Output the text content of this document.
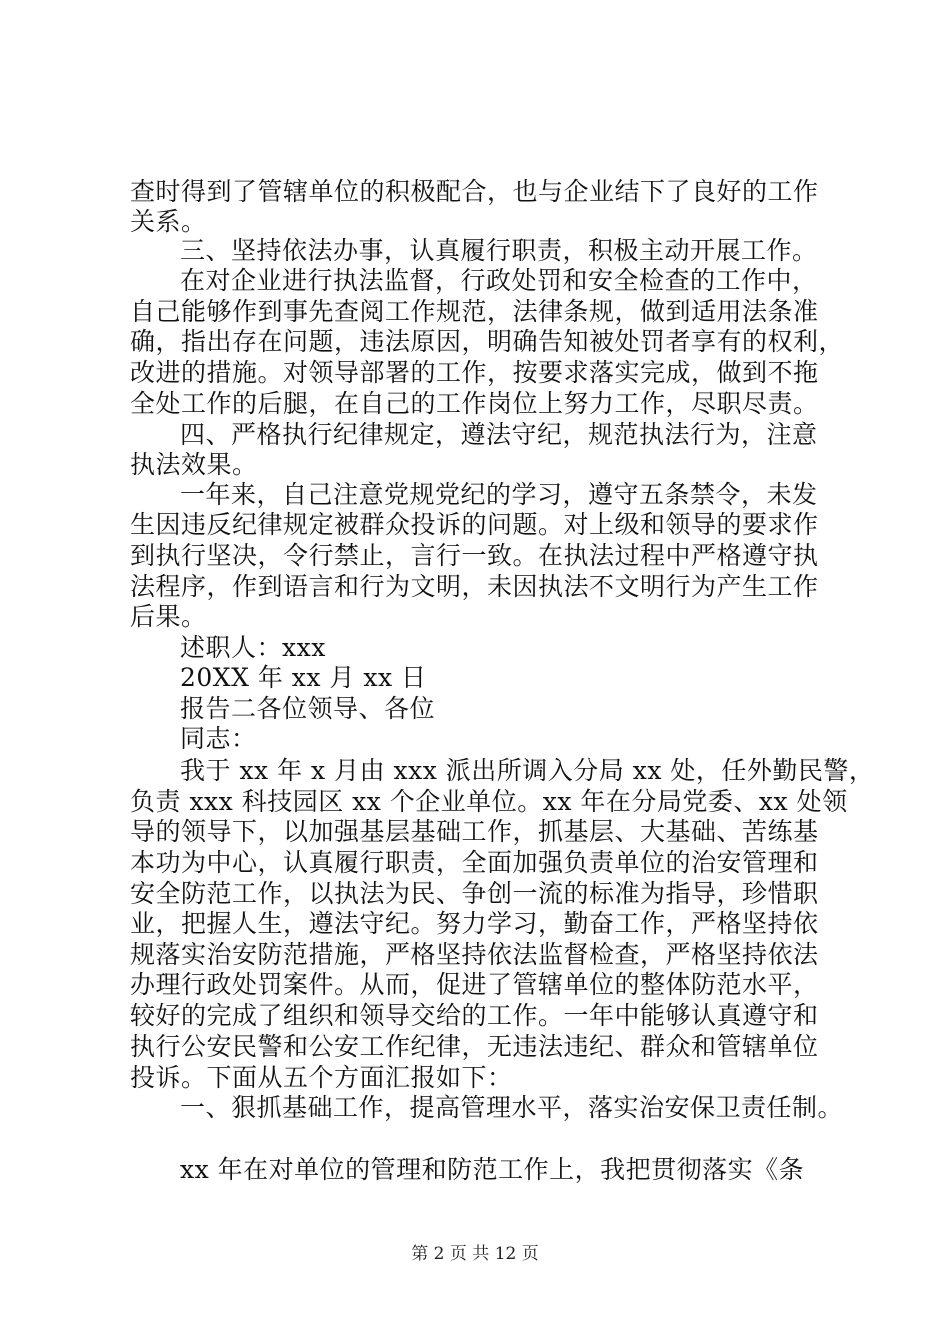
查时得到了管辖单位的积极配合，也与企业结下了良好的工作
关系。
三、坚持依法办事，认真履行职责，积极主动开展工作。
在对企业进行执法监督，行政处罚和安全检查的工作中，
自己能够作到事先查阅工作规范，法律条规，做到适用法条准
确，指出存在问题，违法原因，明确告知被处罚者享有的权利，
改进的措施。对领导部署的工作，按要求落实完成，做到不拖
全处工作的后腿，在自己的工作岗位上努力工作，尽职尽责。
四、严格执行纪律规定，遵法守纪，规范执法行为，注意
执法效果。
一年来，自己注意党规党纪的学习，遵守五条禁令，未发
生因违反纪律规定被群众投诉的问题。对上级和领导的要求作
到执行坚决，令行禁止，言行一致。在执法过程中严格遵守执
法程序，作到语言和行为文明，未因执法不文明行为产生工作
后果。
述职人：xxx
20XX 年 xx 月 xx 日
报告二各位领导、各位
同志：
我于 xx 年 x 月由 xxx 派出所调入分局 xx 处，任外勤民警，
负责 xxx 科技园区 xx 个企业单位。xx 年在分局党委、xx 处领
导的领导下，以加强基层基础工作，抓基层、大基础、苦练基
本功为中心，认真履行职责，全面加强负责单位的治安管理和
安全防范工作，以执法为民、争创一流的标准为指导，珍惜职
业，把握人生，遵法守纪。努力学习，勤奋工作，严格坚持依
规落实治安防范措施，严格坚持依法监督检查，严格坚持依法
办理行政处罚案件。从而，促进了管辖单位的整体防范水平，
较好的完成了组织和领导交给的工作。一年中能够认真遵守和
执行公安民警和公安工作纪律，无违法违纪、群众和管辖单位
投诉。下面从五个方面汇报如下：
一、狠抓基础工作，提高管理水平，落实治安保卫责任制。
xx 年在对单位的管理和防范工作上，我把贯彻落实《条
第 2 页 共 12 页
